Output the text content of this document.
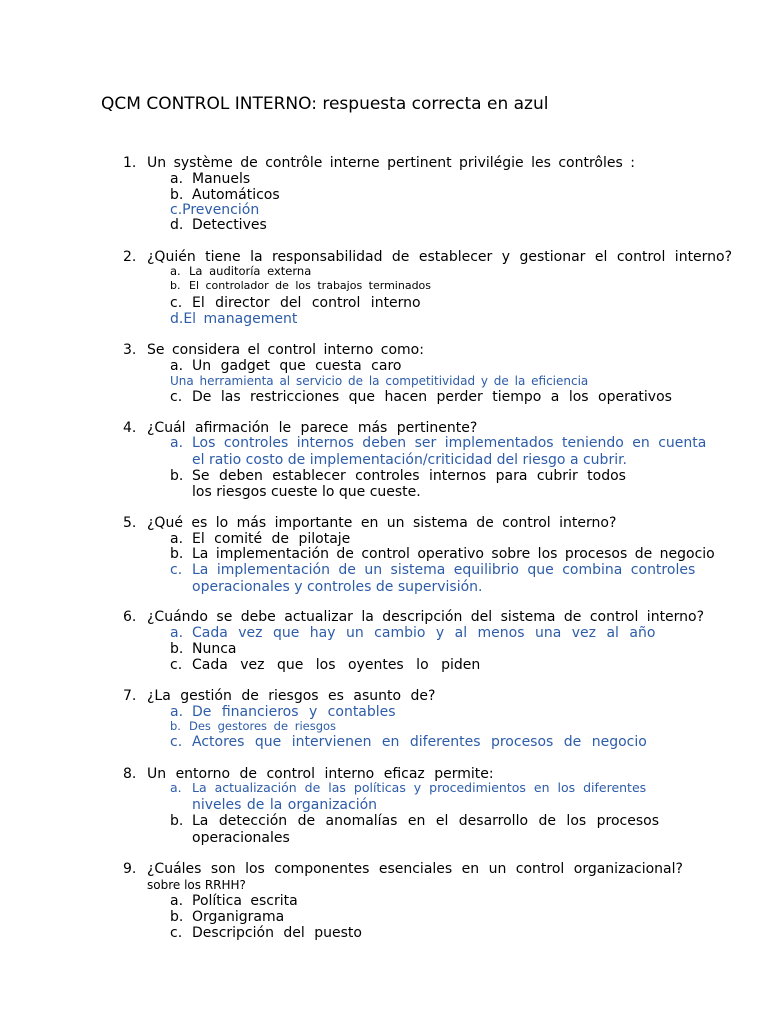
QCM CONTROL INTERNO: respuesta correcta en azul
1. Un système de contrôle interne pertinent privilégie les contrôles :
a. Manuels
b. Automáticos
c.Prevención
d. Detectives
2. ¿Quién tiene la responsabilidad de establecer y gestionar el control interno?
a. La auditoría externa
b. El controlador de los trabajos terminados
c. El director del control interno
d.El management
3. Se considera el control interno como:
a. Un gadget que cuesta caro
Una herramienta al servicio de la competitividad y de la eficiencia
c. De las restricciones que hacen perder tiempo a los operativos
4. ¿Cuál afirmación le parece más pertinente?
a. Los controles internos deben ser implementados teniendo en cuenta
el ratio costo de implementación/criticidad del riesgo a cubrir.
b. Se deben establecer controles internos para cubrir todos
los riesgos cueste lo que cueste.
5. ¿Qué es lo más importante en un sistema de control interno?
a. El comité de pilotaje
b. La implementación de control operativo sobre los procesos de negocio
c. La implementación de un sistema equilibrio que combina controles
operacionales y controles de supervisión.
6. ¿Cuándo se debe actualizar la descripción del sistema de control interno?
a. Cada vez que hay un cambio y al menos una vez al año
b. Nunca
c. Cada vez que los oyentes lo piden
7. ¿La gestión de riesgos es asunto de?
a. De financieros y contables
b. Des gestores de riesgos
c. Actores que intervienen en diferentes procesos de negocio
8. Un entorno de control interno eficaz permite:
a. La actualización de las políticas y procedimientos en los diferentes
niveles de la organización
b. La detección de anomalías en el desarrollo de los procesos
operacionales
9. ¿Cuáles son los componentes esenciales en un control organizacional?
sobre los RRHH?
a. Política escrita
b. Organigrama
c. Descripción del puesto
